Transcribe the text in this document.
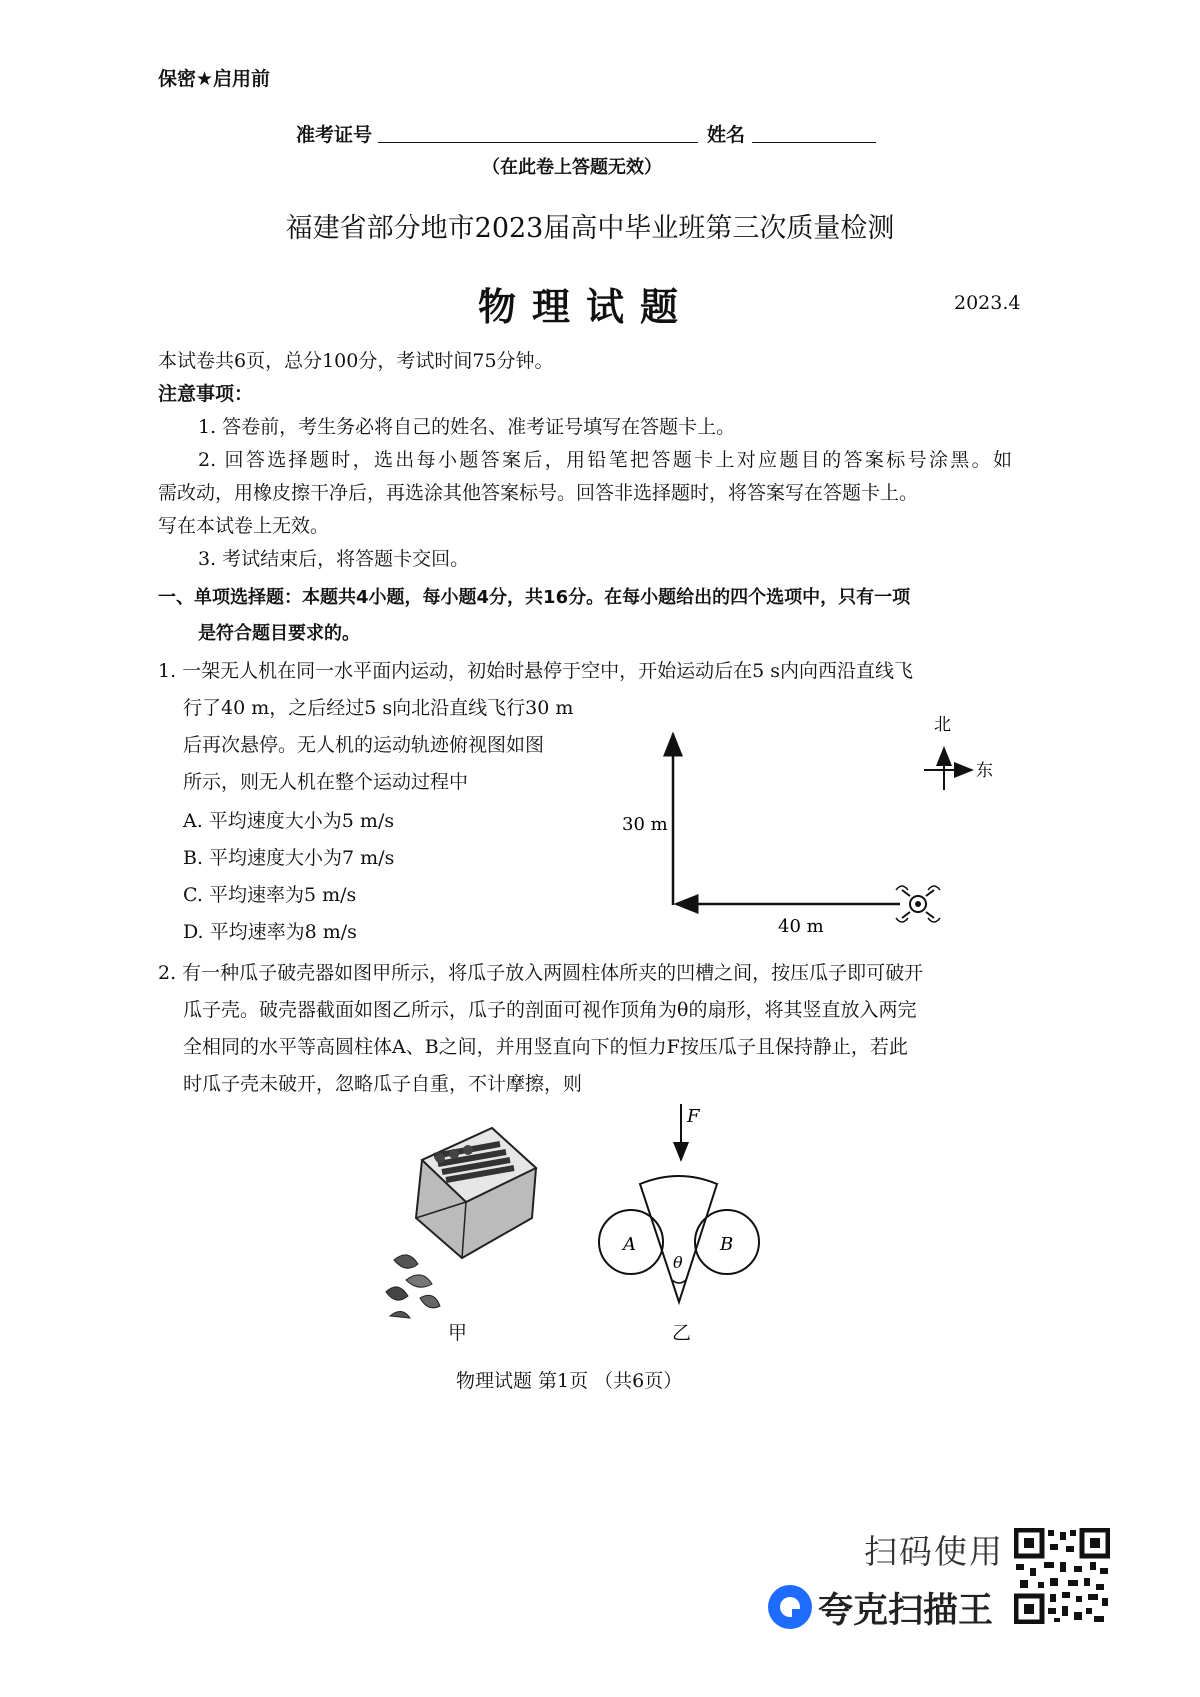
保密★启用前
准考证号	姓名
（在此卷上答题无效）
福建省部分地市2023届高中毕业班第三次质量检测
物理试题	2023.4

本试卷共6页，总分100分，考试时间75分钟。

注意事项：

1. 答卷前，考生务必将自己的姓名、准考证号填写在答题卡上。

2. 回答选择题时，选出每小题答案后，用铅笔把答题卡上对应题目的答案标号涂黑。如

需改动，用橡皮擦干净后，再选涂其他答案标号。回答非选择题时，将答案写在答题卡上。

写在本试卷上无效。

3. 考试结束后，将答题卡交回。

一、单项选择题：本题共4小题，每小题4分，共16分。在每小题给出的四个选项中，只有一项

是符合题目要求的。

1. 一架无人机在同一水平面内运动，初始时悬停于空中，开始运动后在5 s内向西沿直线飞

行了40 m，之后经过5 s向北沿直线飞行30 m

后再次悬停。无人机的运动轨迹俯视图如图

所示，则无人机在整个运动过程中

A. 平均速度大小为5 m/s
B. 平均速度大小为7 m/s
C. 平均速率为5 m/s
D. 平均速率为8 m/s
30 m
40 m
北
东

2. 有一种瓜子破壳器如图甲所示，将瓜子放入两圆柱体所夹的凹槽之间，按压瓜子即可破开

瓜子壳。破壳器截面如图乙所示，瓜子的剖面可视作顶角为θ的扇形，将其竖直放入两完

全相同的水平等高圆柱体A、B之间，并用竖直向下的恒力F按压瓜子且保持静止，若此

时瓜子壳未破开，忽略瓜子自重，不计摩擦，则

甲
F
A	B
θ
乙
物理试题 第1页 （共6页）
扫码使用
夸克扫描王
